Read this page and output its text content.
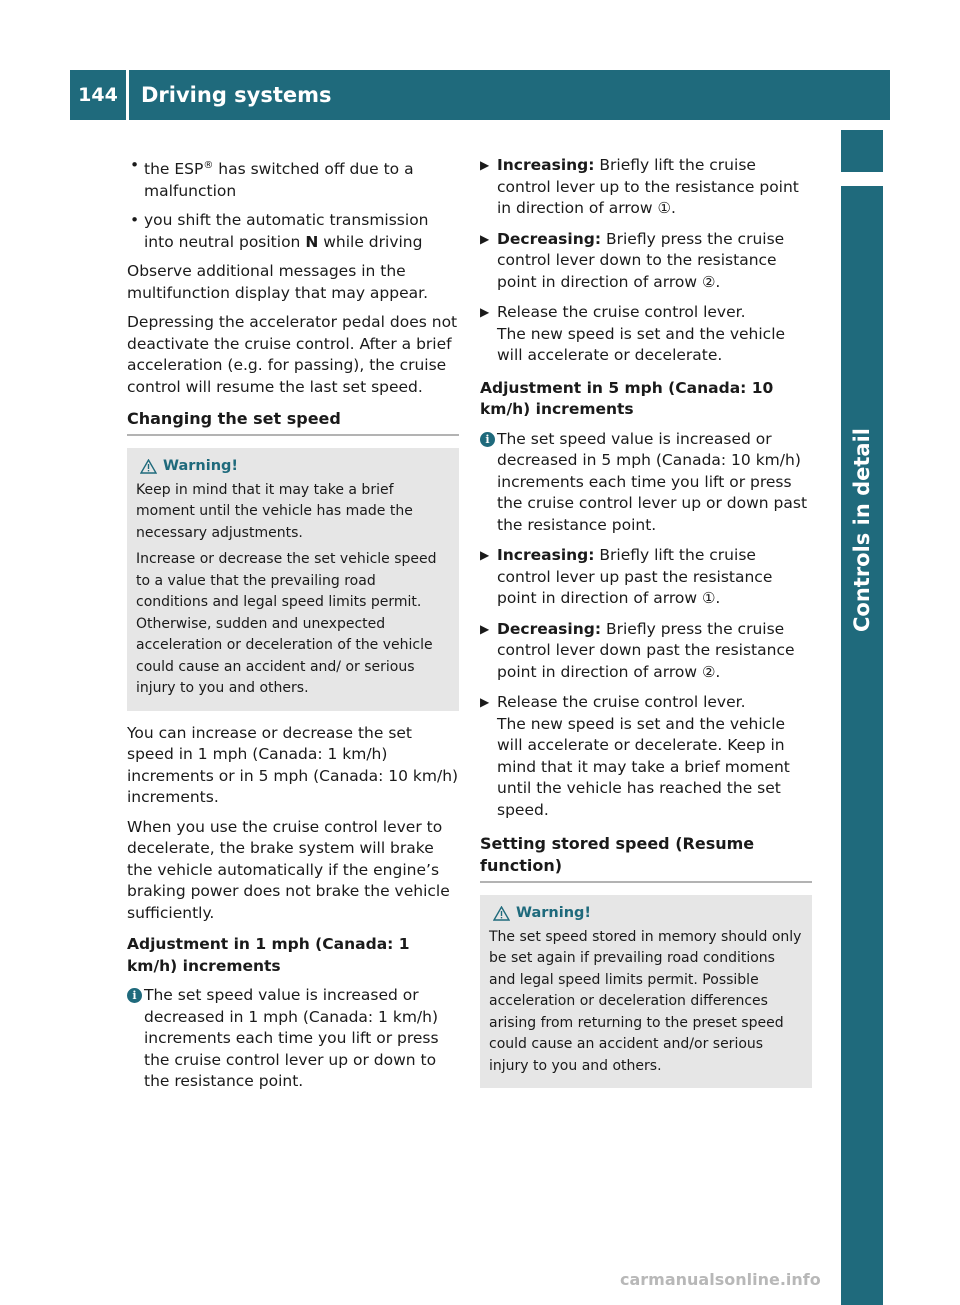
144	Driving systems
Controls in detail
• the ESP® has switched off due to a malfunction
• you shift the automatic transmission into neutral position N while driving

Observe additional messages in the multifunction display that may appear.

Depressing the accelerator pedal does not deactivate the cruise control. After a brief acceleration (e.g. for passing), the cruise control will resume the last set speed.

Changing the set speed
Warning!

Keep in mind that it may take a brief moment until the vehicle has made the necessary adjustments.

Increase or decrease the set vehicle speed to a value that the prevailing road conditions and legal speed limits permit. Otherwise, sudden and unexpected acceleration or deceleration of the vehicle could cause an accident and/ or serious injury to you and others.

You can increase or decrease the set speed in 1 mph (Canada: 1 km/h) increments or in 5 mph (Canada: 10 km/h) increments.

When you use the cruise control lever to decelerate, the brake system will brake the vehicle automatically if the engine’s braking power does not brake the vehicle sufficiently.

Adjustment in 1 mph (Canada: 1 km/h) increments

i The set speed value is increased or decreased in 1 mph (Canada: 1 km/h) increments each time you lift or press the cruise control lever up or down to the resistance point.
▶ Increasing: Briefly lift the cruise control lever up to the resistance point in direction of arrow ①.
▶ Decreasing: Briefly press the cruise control lever down to the resistance point in direction of arrow ②.
▶ Release the cruise control lever.
The new speed is set and the vehicle will accelerate or decelerate.

Adjustment in 5 mph (Canada: 10 km/h) increments

i The set speed value is increased or decreased in 5 mph (Canada: 10 km/h) increments each time you lift or press the cruise control lever up or down past the resistance point.
▶ Increasing: Briefly lift the cruise control lever up past the resistance point in direction of arrow ①.
▶ Decreasing: Briefly press the cruise control lever down past the resistance point in direction of arrow ②.
▶ Release the cruise control lever.
The new speed is set and the vehicle will accelerate or decelerate. Keep in mind that it may take a brief moment until the vehicle has reached the set speed.
Setting stored speed (Resume function)
Warning!

The set speed stored in memory should only be set again if prevailing road conditions and legal speed limits permit. Possible acceleration or deceleration differences arising from returning to the preset speed could cause an accident and/or serious injury to you and others.

carmanualsonline.info
